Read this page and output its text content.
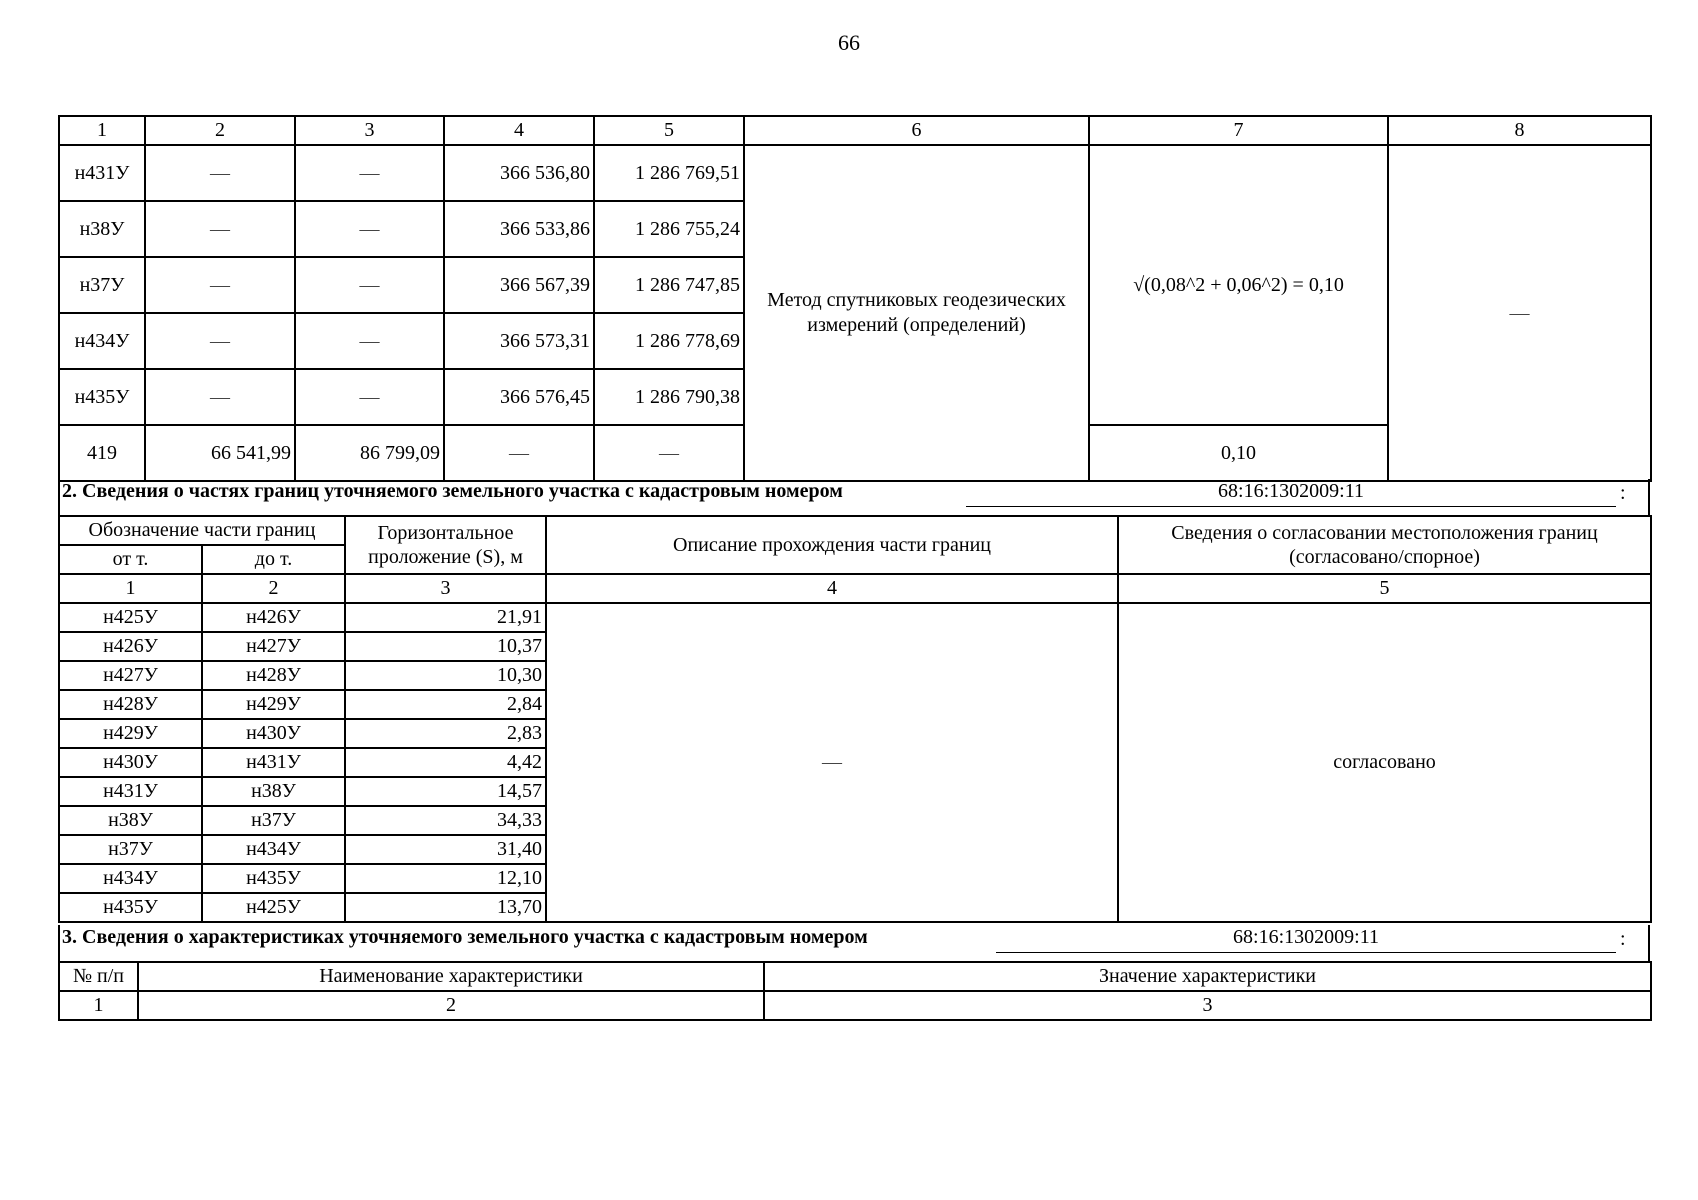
66
1	2	3	4	5	6	7	8
н431У	—	—	366 536,80	1 286 769,51	Метод спутниковых геодезических измерений (определений)	√(0,08^2 + 0,06^2) = 0,10	—
н38У	—	—	366 533,86	1 286 755,24			
н37У	—	—	366 567,39	1 286 747,85			
н434У	—	—	366 573,31	1 286 778,69			
н435У	—	—	366 576,45	1 286 790,38			
419	66 541,99	86 799,09	—	—		0,10	
2. Сведения о частях границ уточняемого земельного участка с кадастровым номером	68:16:1302009:11	:
Обозначение части границ		Горизонтальное проложение (S), м	Описание прохождения части границ	Сведения о согласовании местоположения границ (согласовано/спорное)
от т.	до т.			
1	2	3	4	5
н425У	н426У	21,91	—	согласовано
н426У	н427У	10,37		
н427У	н428У	10,30		
н428У	н429У	2,84		
н429У	н430У	2,83		
н430У	н431У	4,42		
н431У	н38У	14,57		
н38У	н37У	34,33		
н37У	н434У	31,40		
н434У	н435У	12,10		
н435У	н425У	13,70		
3. Сведения о характеристиках уточняемого земельного участка с кадастровым номером	68:16:1302009:11	:
№ п/п	Наименование характеристики	Значение характеристики
1	2	3
